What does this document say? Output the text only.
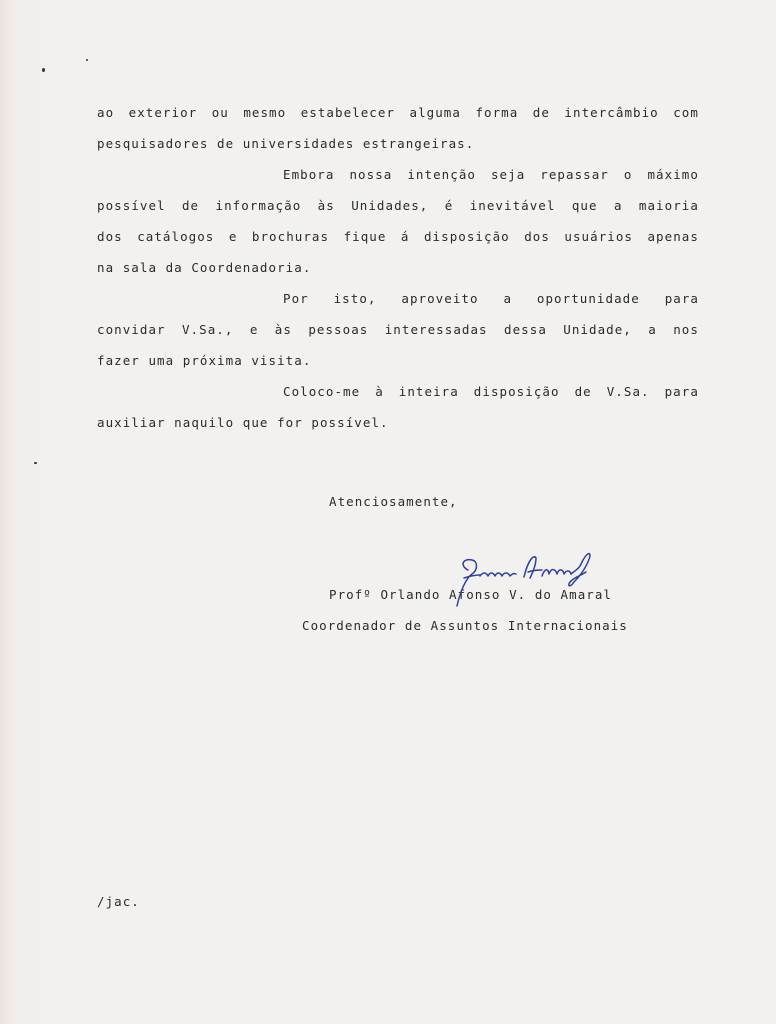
ao exterior ou mesmo estabelecer alguma forma de intercâmbio com
pesquisadores de universidades estrangeiras.
Embora nossa intenção seja repassar o máximo
possível de informação às Unidades, é inevitável que a maioria
dos catálogos e brochuras fique á disposição dos usuários apenas
na sala da Coordenadoria.
Por isto, aproveito a oportunidade para
convidar V.Sa., e às pessoas interessadas dessa Unidade, a nos
fazer uma próxima visita.
Coloco-me à inteira disposição de V.Sa. para
auxiliar naquilo que for possível.
Atenciosamente,
Profº Orlando Afonso V. do Amaral
Coordenador de Assuntos Internacionais
/jac.
